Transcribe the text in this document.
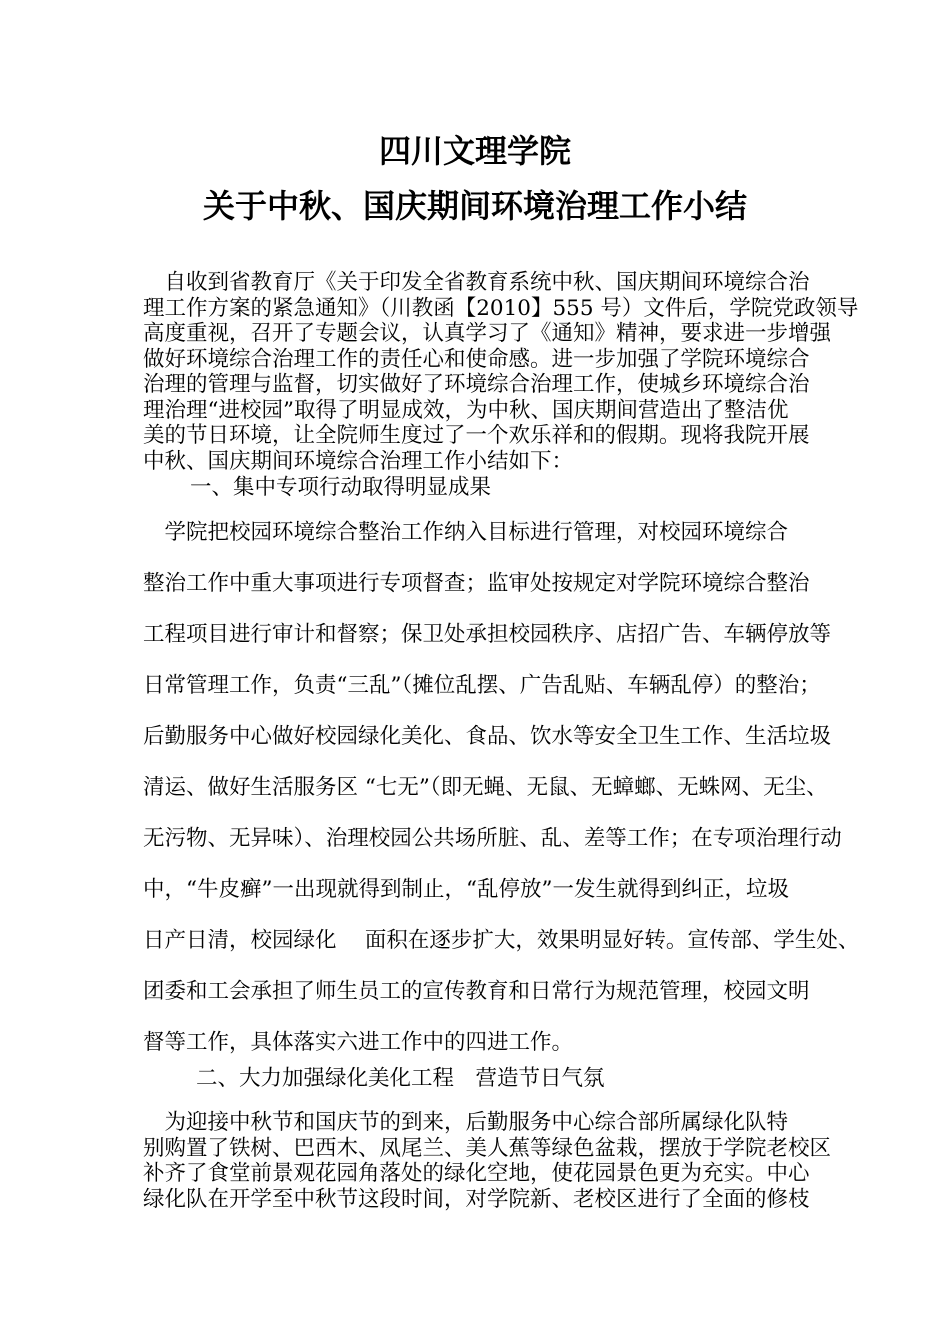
四川文理学院
关于中秋、国庆期间环境治理工作小结
　自收到省教育厅《关于印发全省教育系统中秋、国庆期间环境综合治
理工作方案的紧急通知》（川教函【2010】555 号）文件后，学院党政领导
高度重视，召开了专题会议，认真学习了《通知》精神，要求进一步增强
做好环境综合治理工作的责任心和使命感。进一步加强了学院环境综合
治理的管理与监督，切实做好了环境综合治理工作，使城乡环境综合治
理治理“进校园”取得了明显成效，为中秋、国庆期间营造出了整洁优
美的节日环境，让全院师生度过了一个欢乐祥和的假期。现将我院开展
中秋、国庆期间环境综合治理工作小结如下：
一、集中专项行动取得明显成果
　学院把校园环境综合整治工作纳入目标进行管理，对校园环境综合
整治工作中重大事项进行专项督查；监审处按规定对学院环境综合整治
工程项目进行审计和督察；保卫处承担校园秩序、店招广告、车辆停放等
日常管理工作，负责“三乱”（摊位乱摆、广告乱贴、车辆乱停）的整治；
后勤服务中心做好校园绿化美化、食品、饮水等安全卫生工作、生活垃圾
清运、做好生活服务区 “七无”（即无蝇、无鼠、无蟑螂、无蛛网、无尘、
无污物、无异味）、治理校园公共场所脏、乱、差等工作；在专项治理行动
中，“牛皮癣”一出现就得到制止，“乱停放”一发生就得到纠正，垃圾
日产日清，校园绿化　 面积在逐步扩大，效果明显好转。宣传部、学生处、
团委和工会承担了师生员工的宣传教育和日常行为规范管理，校园文明
督等工作，具体落实六进工作中的四进工作。
二、大力加强绿化美化工程　营造节日气氛
　为迎接中秋节和国庆节的到来，后勤服务中心综合部所属绿化队特
别购置了铁树、巴西木、凤尾兰、美人蕉等绿色盆栽，摆放于学院老校区
补齐了食堂前景观花园角落处的绿化空地，使花园景色更为充实。中心
绿化队在开学至中秋节这段时间，对学院新、老校区进行了全面的修枝
